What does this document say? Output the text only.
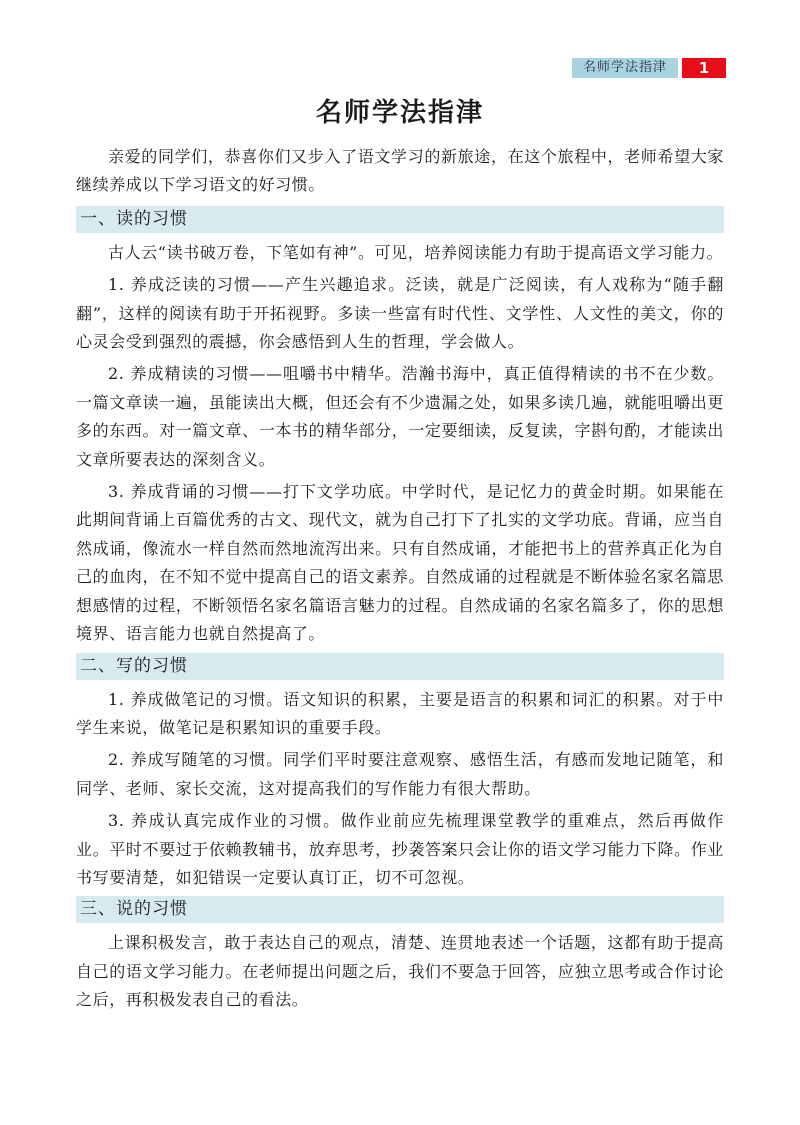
名师学法指津	1
名师学法指津

亲爱的同学们，恭喜你们又步入了语文学习的新旅途，在这个旅程中，老师希望大家继续养成以下学习语文的好习惯。

一、读的习惯

古人云“读书破万卷，下笔如有神”。可见，培养阅读能力有助于提高语文学习能力。

1. 养成泛读的习惯——产生兴趣追求。泛读，就是广泛阅读，有人戏称为“随手翻翻”，这样的阅读有助于开拓视野。多读一些富有时代性、文学性、人文性的美文，你的心灵会受到强烈的震撼，你会感悟到人生的哲理，学会做人。

2. 养成精读的习惯——咀嚼书中精华。浩瀚书海中，真正值得精读的书不在少数。一篇文章读一遍，虽能读出大概，但还会有不少遗漏之处，如果多读几遍，就能咀嚼出更多的东西。对一篇文章、一本书的精华部分，一定要细读，反复读，字斟句酌，才能读出文章所要表达的深刻含义。

3. 养成背诵的习惯——打下文学功底。中学时代，是记忆力的黄金时期。如果能在此期间背诵上百篇优秀的古文、现代文，就为自己打下了扎实的文学功底。背诵，应当自然成诵，像流水一样自然而然地流泻出来。只有自然成诵，才能把书上的营养真正化为自己的血肉，在不知不觉中提高自己的语文素养。自然成诵的过程就是不断体验名家名篇思想感情的过程，不断领悟名家名篇语言魅力的过程。自然成诵的名家名篇多了，你的思想境界、语言能力也就自然提高了。

二、写的习惯

1. 养成做笔记的习惯。语文知识的积累，主要是语言的积累和词汇的积累。对于中学生来说，做笔记是积累知识的重要手段。

2. 养成写随笔的习惯。同学们平时要注意观察、感悟生活，有感而发地记随笔，和同学、老师、家长交流，这对提高我们的写作能力有很大帮助。

3. 养成认真完成作业的习惯。做作业前应先梳理课堂教学的重难点，然后再做作业。平时不要过于依赖教辅书，放弃思考，抄袭答案只会让你的语文学习能力下降。作业书写要清楚，如犯错误一定要认真订正，切不可忽视。

三、说的习惯

上课积极发言，敢于表达自己的观点，清楚、连贯地表述一个话题，这都有助于提高自己的语文学习能力。在老师提出问题之后，我们不要急于回答，应独立思考或合作讨论之后，再积极发表自己的看法。
